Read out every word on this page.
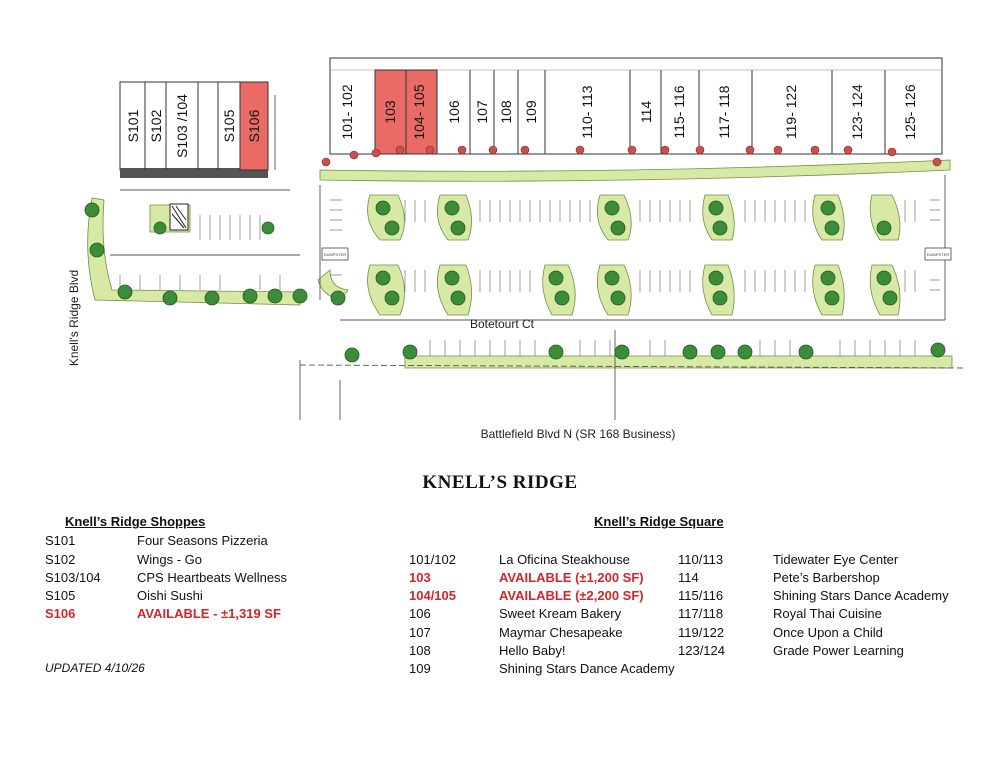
S101 S102 S103 /104 S105 S106	101- 102 103 104- 105 106 107 108 109	110- 113	114 115- 116 117- 118	119- 122	123- 124	125- 126
DUMPSTER	DUMPSTER
Knell's Ridge Blvd	Botetourt Ct
Battlefield Blvd N (SR 168 Business)
KNELL’S RIDGE
Knell’s Ridge Shoppes
S101	Four Seasons Pizzeria
S102	Wings - Go
S103/104	CPS Heartbeats Wellness
S105	Oishi Sushi
S106	AVAILABLE - ±1,319 SF
Knell’s Ridge Square
101/102	La Oficina Steakhouse
103	AVAILABLE (±1,200 SF)
104/105	AVAILABLE (±2,200 SF)
106	Sweet Kream Bakery
107	Maymar Chesapeake
108	Hello Baby!
109	Shining Stars Dance Academy
110/113	Tidewater Eye Center
114	Pete’s Barbershop
115/116	Shining Stars Dance Academy
117/118	Royal Thai Cuisine
119/122	Once Upon a Child
123/124	Grade Power Learning
UPDATED 4/10/26
